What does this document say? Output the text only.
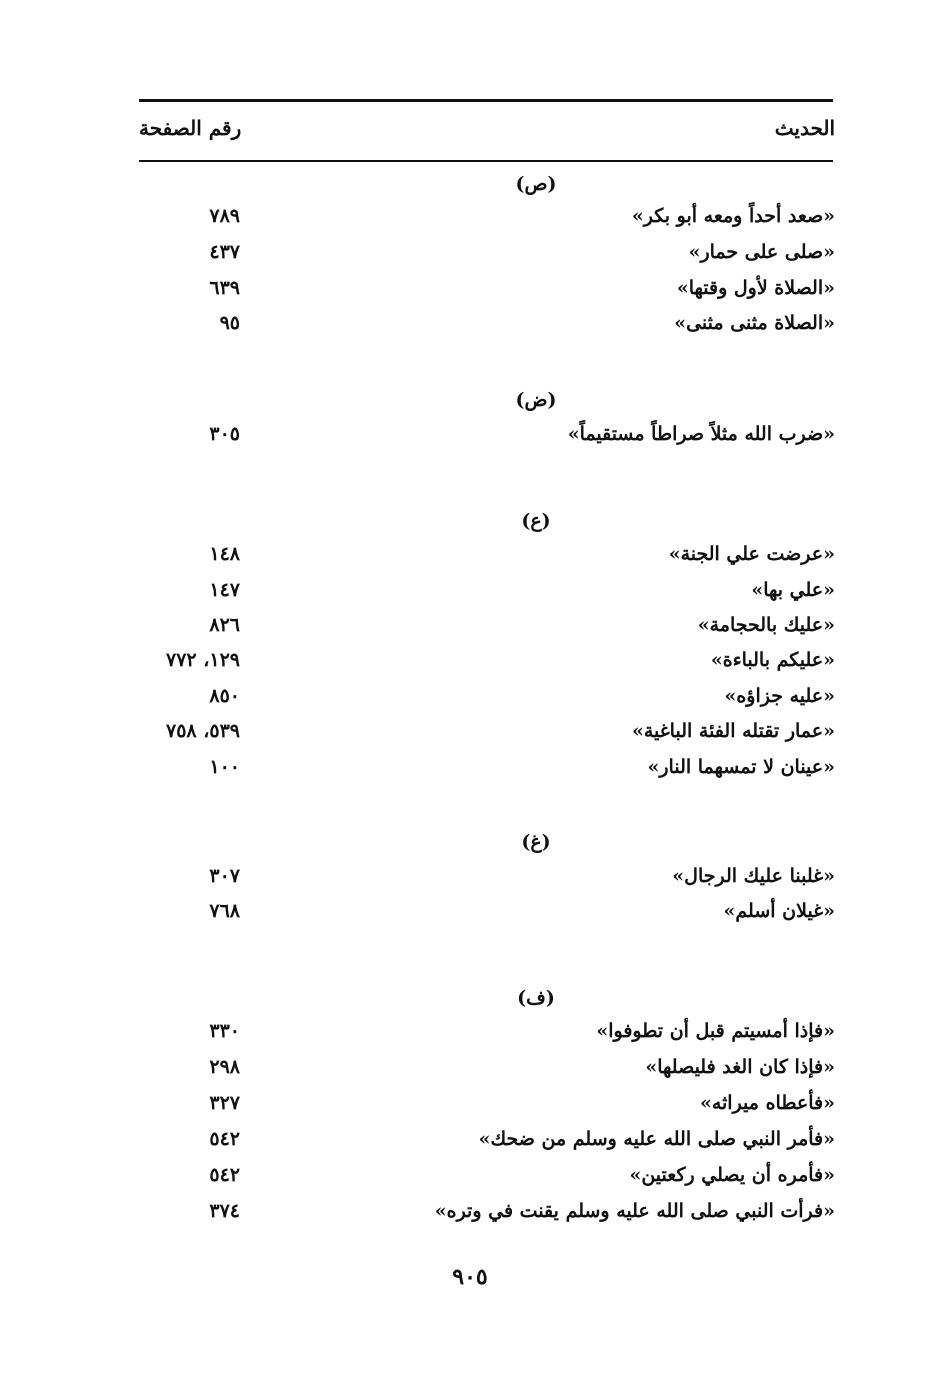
الحديث
رقم الصفحة
(ص)
«صعد أحداً ومعه أبو بكر»
٧٨٩
«صلى على حمار»
٤٣٧
«الصلاة لأول وقتها»
٦٣٩
«الصلاة مثنى مثنى»
٩٥
(ض)
«ضرب الله مثلاً صراطاً مستقيماً»
٣٠٥
(ع)
«عرضت علي الجنة»
١٤٨
«علي بها»
١٤٧
«عليك بالحجامة»
٨٢٦
«عليكم بالباءة»
١٢٩، ٧٧٢
«عليه جزاؤه»
٨٥٠
«عمار تقتله الفئة الباغية»
٥٣٩، ٧٥٨
«عينان لا تمسهما النار»
١٠٠
(غ)
«غلبنا عليك الرجال»
٣٠٧
«غيلان أسلم»
٧٦٨
(ف)
«فإذا أمسيتم قبل أن تطوفوا»
٣٣٠
«فإذا كان الغد فليصلها»
٢٩٨
«فأعطاه ميراثه»
٣٢٧
«فأمر النبي صلى الله عليه وسلم من ضحك»
٥٤٢
«فأمره أن يصلي ركعتين»
٥٤٢
«فرأت النبي صلى الله عليه وسلم يقنت في وتره»
٣٧٤
٩٠٥
